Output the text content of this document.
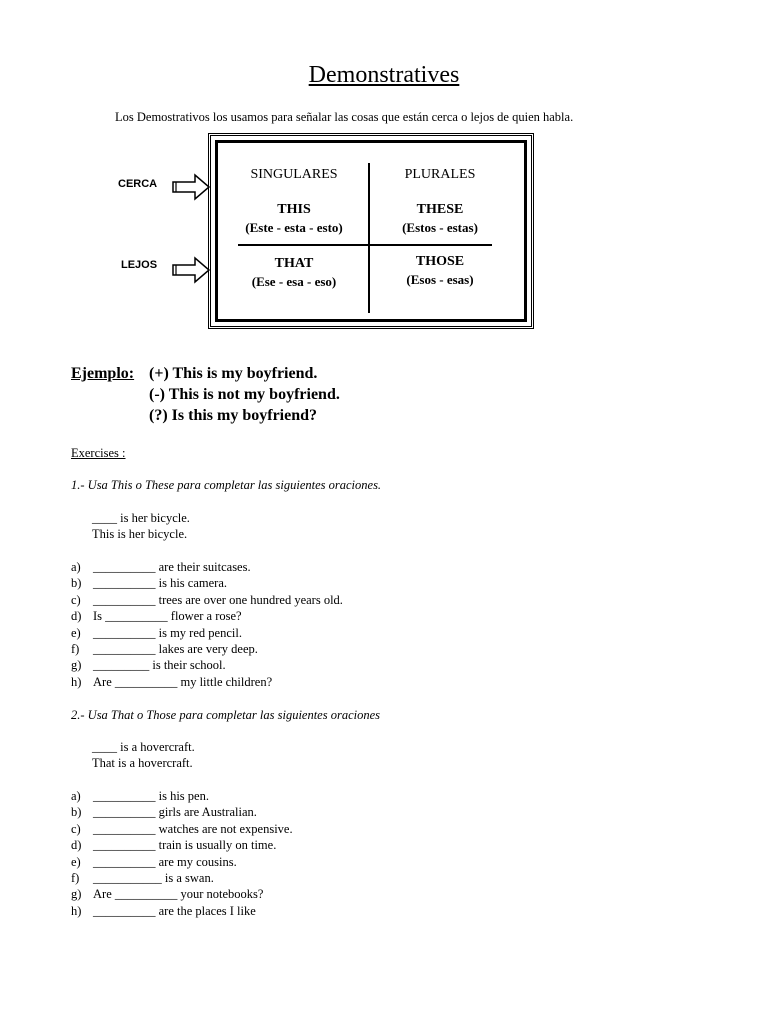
Demonstratives
Los Demostrativos los usamos para señalar las cosas que están cerca o lejos de quien habla.
CERCA
LEJOS
SINGULARES	PLURALES
THIS
(Este - esta - esto)
THESE
(Estos - estas)
THAT
(Ese - esa - eso)
THOSE
(Esos - esas)
Ejemplo: (+) This is my boyfriend.
(-) This is not my boyfriend.
(?) Is this my boyfriend?
Exercises :
1.- Usa This o These para completar las siguientes oraciones.
____ is her bicycle.
This is her bicycle.
a) __________ are their suitcases.
b) __________ is his camera.
c) __________ trees are over one hundred years old.
d) Is __________ flower a rose?
e) __________ is my red pencil.
f) __________ lakes are very deep.
g) _________ is their school.
h) Are __________ my little children?
2.- Usa That o Those para completar las siguientes oraciones
____ is a hovercraft.
That is a hovercraft.
a) __________ is his pen.
b) __________ girls are Australian.
c) __________ watches are not expensive.
d) __________ train is usually on time.
e) __________ are my cousins.
f) ___________ is a swan.
g) Are __________ your notebooks?
h) __________ are the places I like
